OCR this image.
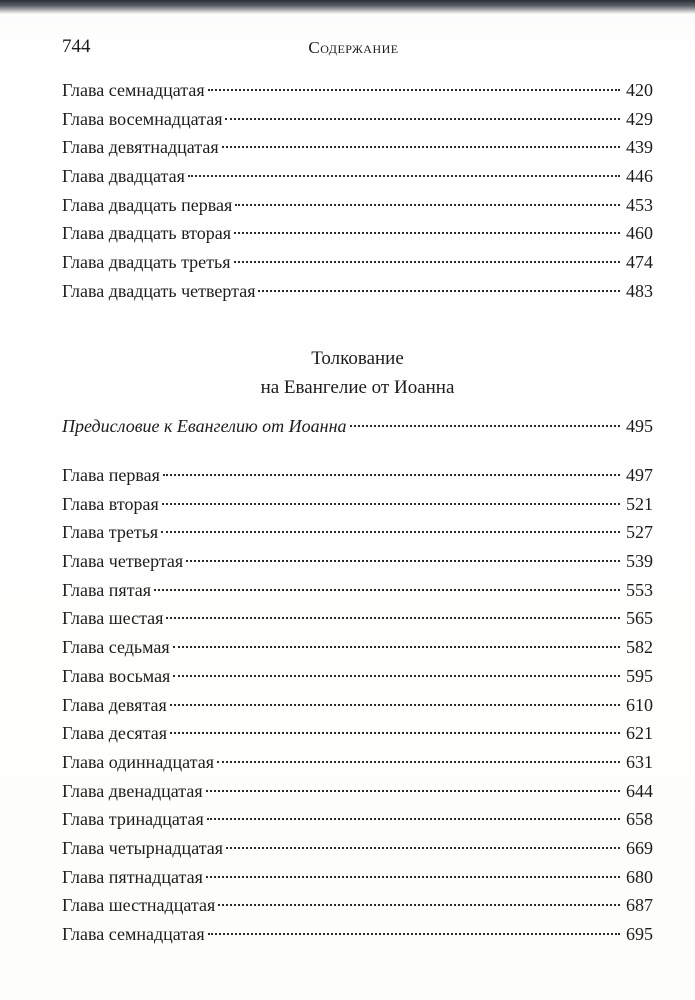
744	Содержание
Глава семнадцатая	420
Глава восемнадцатая	429
Глава девятнадцатая	439
Глава двадцатая	446
Глава двадцать первая	453
Глава двадцать вторая	460
Глава двадцать третья	474
Глава двадцать четвертая	483
Толкование
на Евангелие от Иоанна
Предисловие к Евангелию от Иоанна	495
Глава первая	497
Глава вторая	521
Глава третья	527
Глава четвертая	539
Глава пятая	553
Глава шестая	565
Глава седьмая	582
Глава восьмая	595
Глава девятая	610
Глава десятая	621
Глава одиннадцатая	631
Глава двенадцатая	644
Глава тринадцатая	658
Глава четырнадцатая	669
Глава пятнадцатая	680
Глава шестнадцатая	687
Глава семнадцатая	695
